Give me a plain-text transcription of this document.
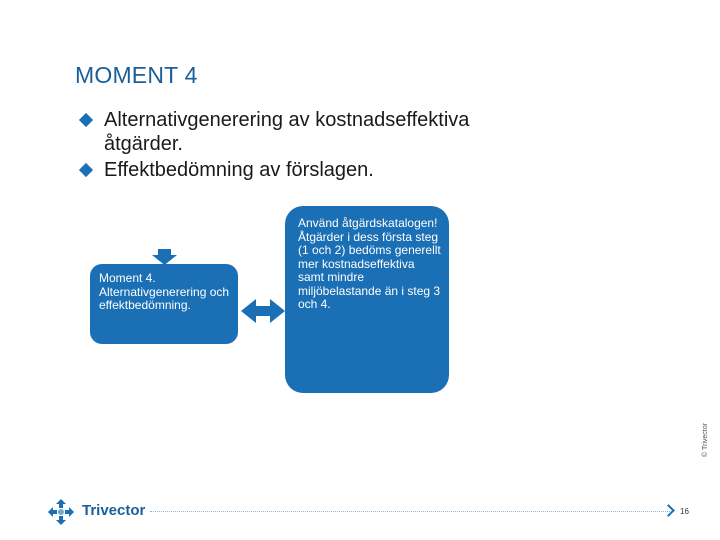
MOMENT 4
Alternativgenerering av kostnadseffektiva åtgärder.
Effektbedömning av förslagen.
Moment 4. Alternativgenerering och effektbedömning.
Använd åtgärdskatalogen! Åtgärder i dess första steg (1 och 2) bedöms generellt mer kostnadseffektiva samt mindre miljöbelastande än i steg 3 och 4.
© Trivector
Trivector	16
